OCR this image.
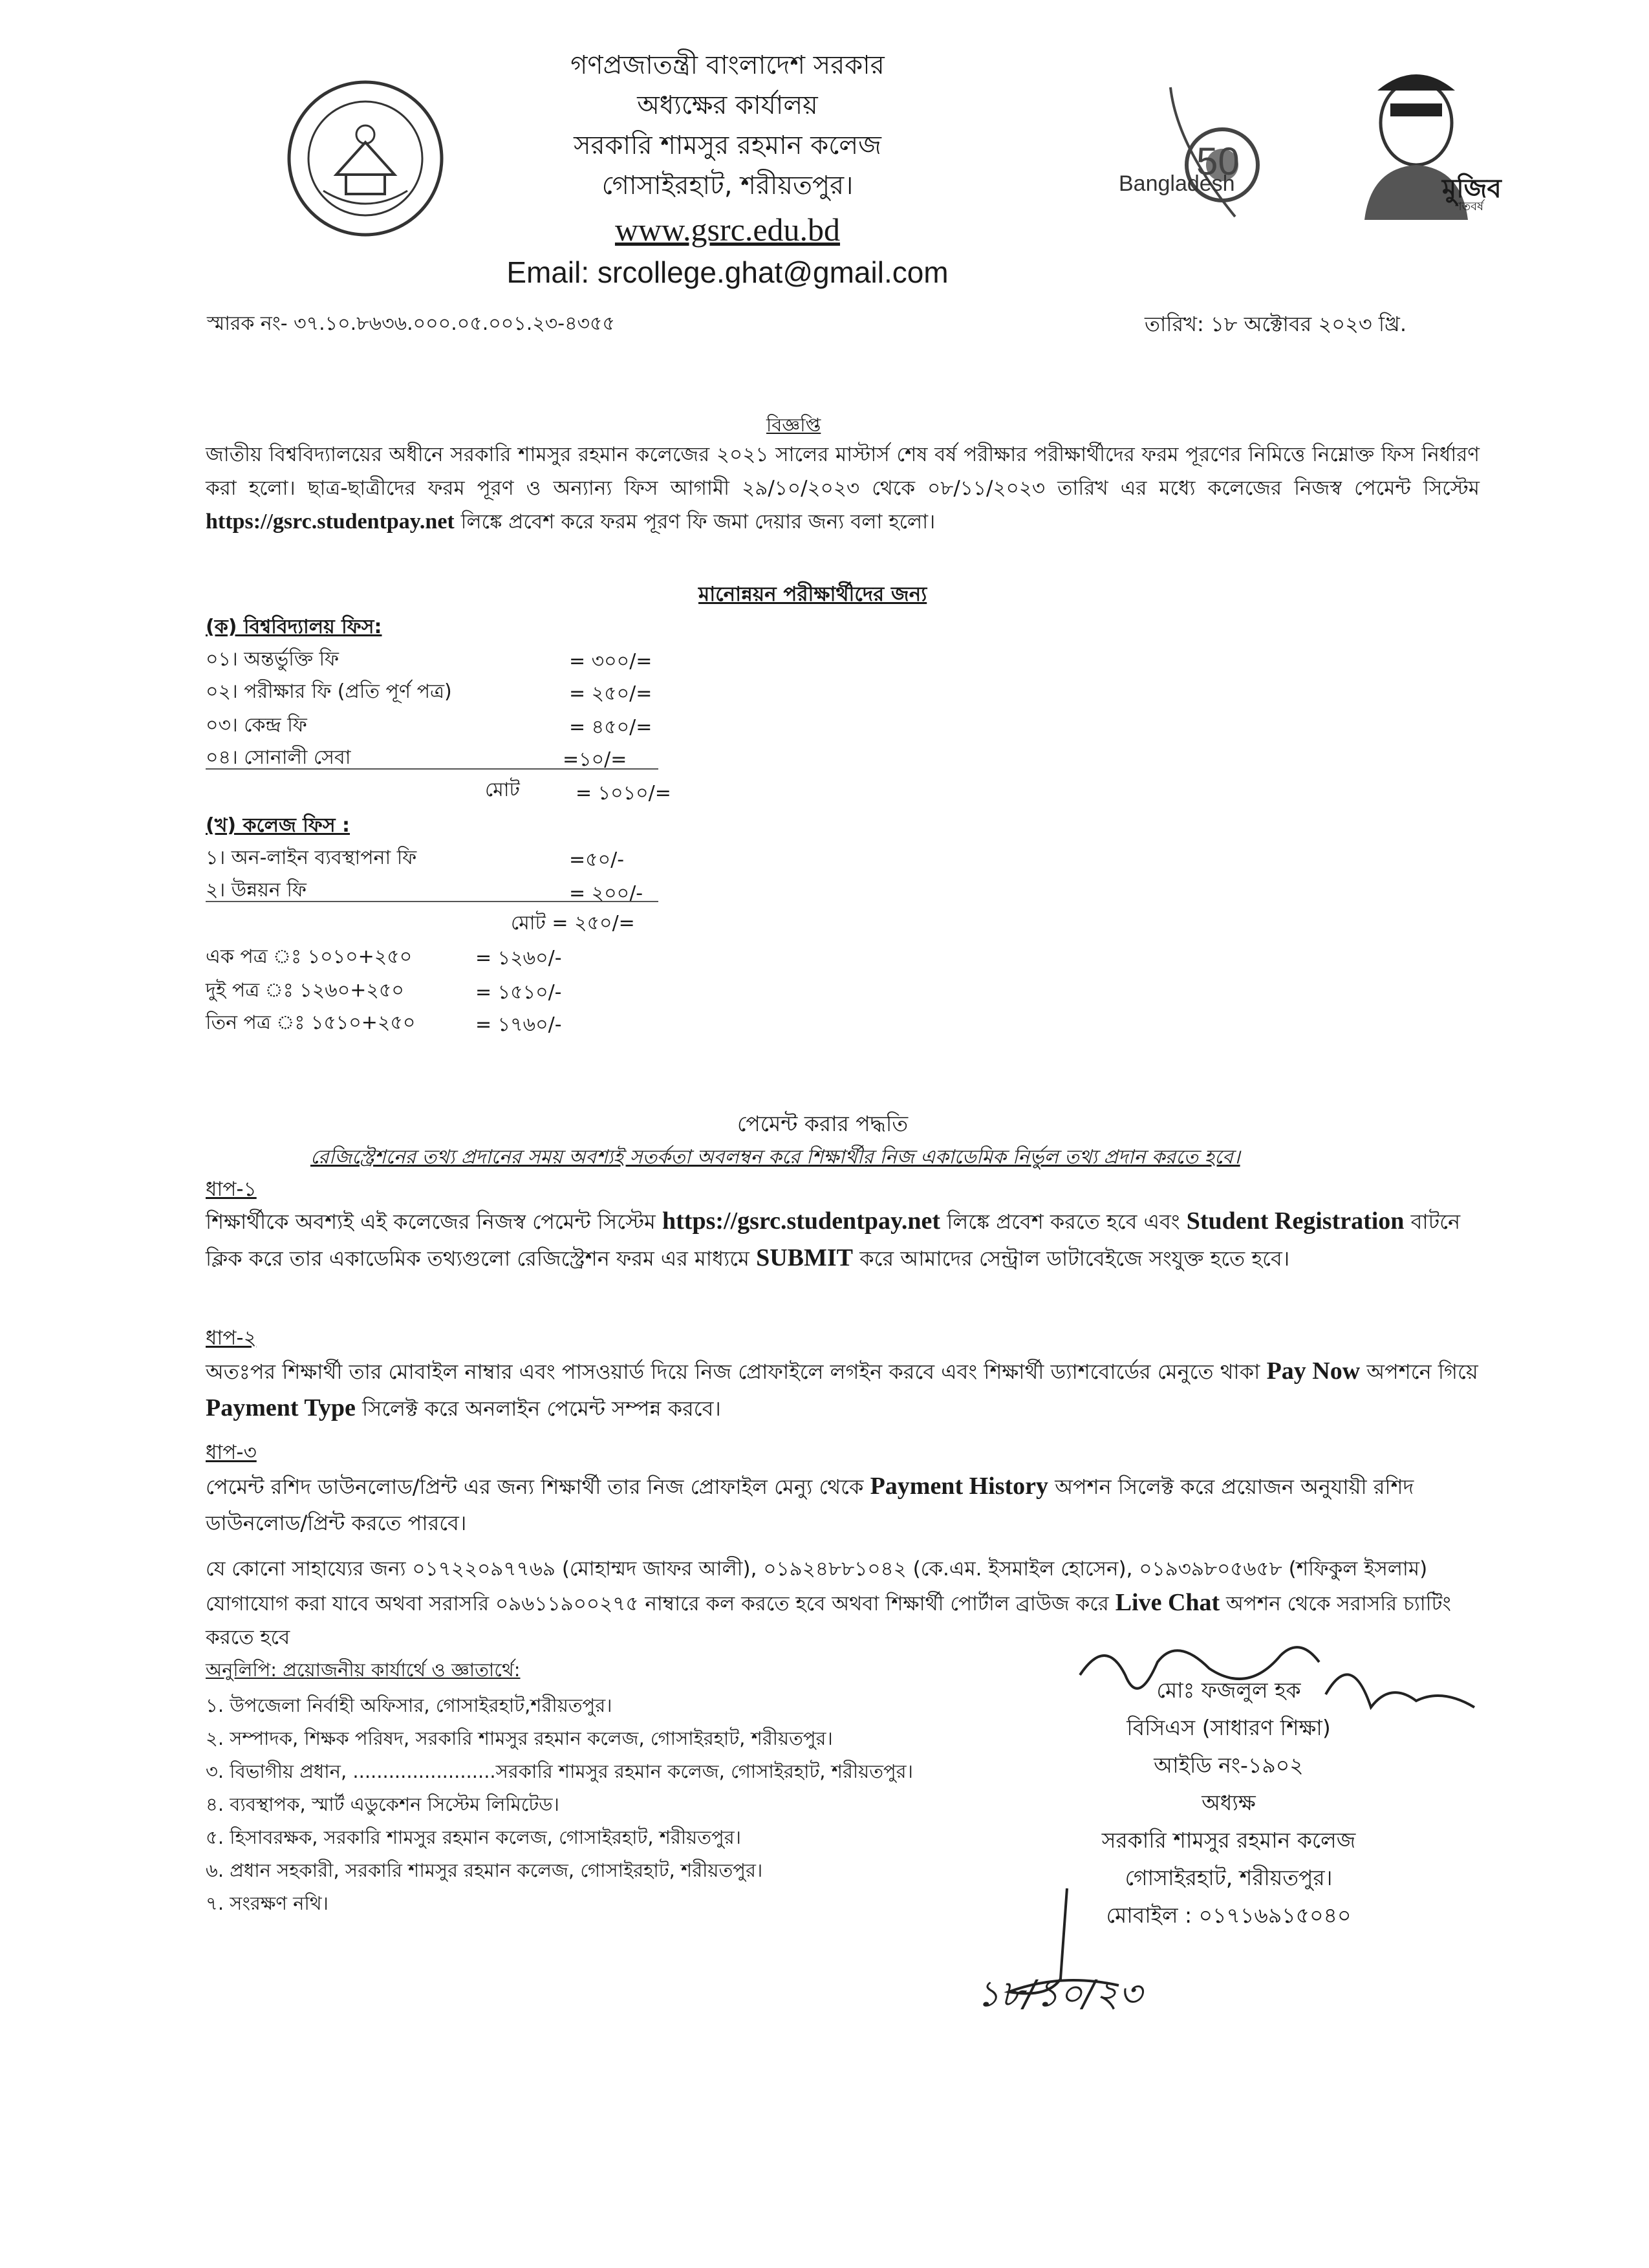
Bangladesh
50
মুজিব
শতবর্ষ
গণপ্রজাতন্ত্রী বাংলাদেশ সরকার
অধ্যক্ষের কার্যালয়
সরকারি শামসুর রহমান কলেজ
গোসাইরহাট, শরীয়তপুর।
www.gsrc.edu.bd
Email: srcollege.ghat@gmail.com
স্মারক নং- ৩৭.১০.৮৬৩৬.০০০.০৫.০০১.২৩-৪৩৫৫	তারিখ: ১৮ অক্টোবর ২০২৩ খ্রি.
বিজ্ঞপ্তি
জাতীয় বিশ্ববিদ্যালয়ের অধীনে সরকারি শামসুর রহমান কলেজের ২০২১ সালের মাস্টার্স শেষ বর্ষ পরীক্ষার পরীক্ষার্থীদের ফরম পূরণের নিমিত্তে নিম্নোক্ত ফিস নির্ধারণ করা হলো। ছাত্র-ছাত্রীদের ফরম পূরণ ও অন্যান্য ফিস আগামী ২৯/১০/২০২৩ থেকে ০৮/১১/২০২৩ তারিখ এর মধ্যে কলেজের নিজস্ব পেমেন্ট সিস্টেম https://gsrc.studentpay.net লিঙ্কে প্রবেশ করে ফরম পূরণ ফি জমা দেয়ার জন্য বলা হলো।
মানোন্নয়ন পরীক্ষার্থীদের জন্য
(ক) বিশ্ববিদ্যালয় ফিস:
০১। অন্তর্ভুক্তি ফি	= ৩০০/=
০২। পরীক্ষার ফি (প্রতি পূর্ণ পত্র)	= ২৫০/=
০৩। কেন্দ্র ফি	= ৪৫০/=
০৪। সোনালী সেবা	=১০/=
মোট	= ১০১০/=
(খ) কলেজ ফিস :
১। অন-লাইন ব্যবস্থাপনা ফি	=৫০/-
২। উন্নয়ন ফি	= ২০০/-
মোট = ২৫০/=
এক পত্র ঃ ১০১০+২৫০	= ১২৬০/-
দুই পত্র ঃ ১২৬০+২৫০	= ১৫১০/-
তিন পত্র ঃ ১৫১০+২৫০	= ১৭৬০/-
পেমেন্ট করার পদ্ধতি
রেজিস্ট্রেশনের তথ্য প্রদানের সময় অবশ্যই সতর্কতা অবলম্বন করে শিক্ষার্থীর নিজ একাডেমিক নির্ভুল তথ্য প্রদান করতে হবে।
ধাপ-১
শিক্ষার্থীকে অবশ্যই এই কলেজের নিজস্ব পেমেন্ট সিস্টেম https://gsrc.studentpay.net লিঙ্কে প্রবেশ করতে হবে এবং Student Registration বাটনে ক্লিক করে তার একাডেমিক তথ্যগুলো রেজিস্ট্রেশন ফরম এর মাধ্যমে SUBMIT করে আমাদের সেন্ট্রাল ডাটাবেইজে সংযুক্ত হতে হবে।
ধাপ-২
অতঃপর শিক্ষার্থী তার মোবাইল নাম্বার এবং পাসওয়ার্ড দিয়ে নিজ প্রোফাইলে লগইন করবে এবং শিক্ষার্থী ড্যাশবোর্ডের মেনুতে থাকা Pay Now অপশনে গিয়ে Payment Type সিলেক্ট করে অনলাইন পেমেন্ট সম্পন্ন করবে।
ধাপ-৩
পেমেন্ট রশিদ ডাউনলোড/প্রিন্ট এর জন্য শিক্ষার্থী তার নিজ প্রোফাইল মেন্যু থেকে Payment History অপশন সিলেক্ট করে প্রয়োজন অনুযায়ী রশিদ ডাউনলোড/প্রিন্ট করতে পারবে।
যে কোনো সাহায্যের জন্য ০১৭২২০৯৭৭৬৯ (মোহাম্মদ জাফর আলী), ০১৯২৪৮৮১০৪২ (কে.এম. ইসমাইল হোসেন), ০১৯৩৯৮০৫৬৫৮ (শফিকুল ইসলাম) যোগাযোগ করা যাবে অথবা সরাসরি ০৯৬১১৯০০২৭৫ নাম্বারে কল করতে হবে অথবা শিক্ষার্থী পোর্টাল ব্রাউজ করে Live Chat অপশন থেকে সরাসরি চ্যাটিং করতে হবে
অনুলিপি: প্রয়োজনীয় কার্যার্থে ও জ্ঞাতার্থে:
১. উপজেলা নির্বাহী অফিসার, গোসাইরহাট,শরীয়তপুর।
২. সম্পাদক, শিক্ষক পরিষদ, সরকারি শামসুর রহমান কলেজ, গোসাইরহাট, শরীয়তপুর।
৩. বিভাগীয় প্রধান, ........................সরকারি শামসুর রহমান কলেজ, গোসাইরহাট, শরীয়তপুর।
৪. ব্যবস্থাপক, স্মার্ট এডুকেশন সিস্টেম লিমিটেড।
৫. হিসাবরক্ষক, সরকারি শামসুর রহমান কলেজ, গোসাইরহাট, শরীয়তপুর।
৬. প্রধান সহকারী, সরকারি শামসুর রহমান কলেজ, গোসাইরহাট, শরীয়তপুর।
৭. সংরক্ষণ নথি।
মোঃ ফজলুল হক
বিসিএস (সাধারণ শিক্ষা)
আইডি নং-১৯০২
অধ্যক্ষ
সরকারি শামসুর রহমান কলেজ
গোসাইরহাট, শরীয়তপুর।
মোবাইল : ০১৭১৬৯১৫০৪০
১৮/১০/২৩
